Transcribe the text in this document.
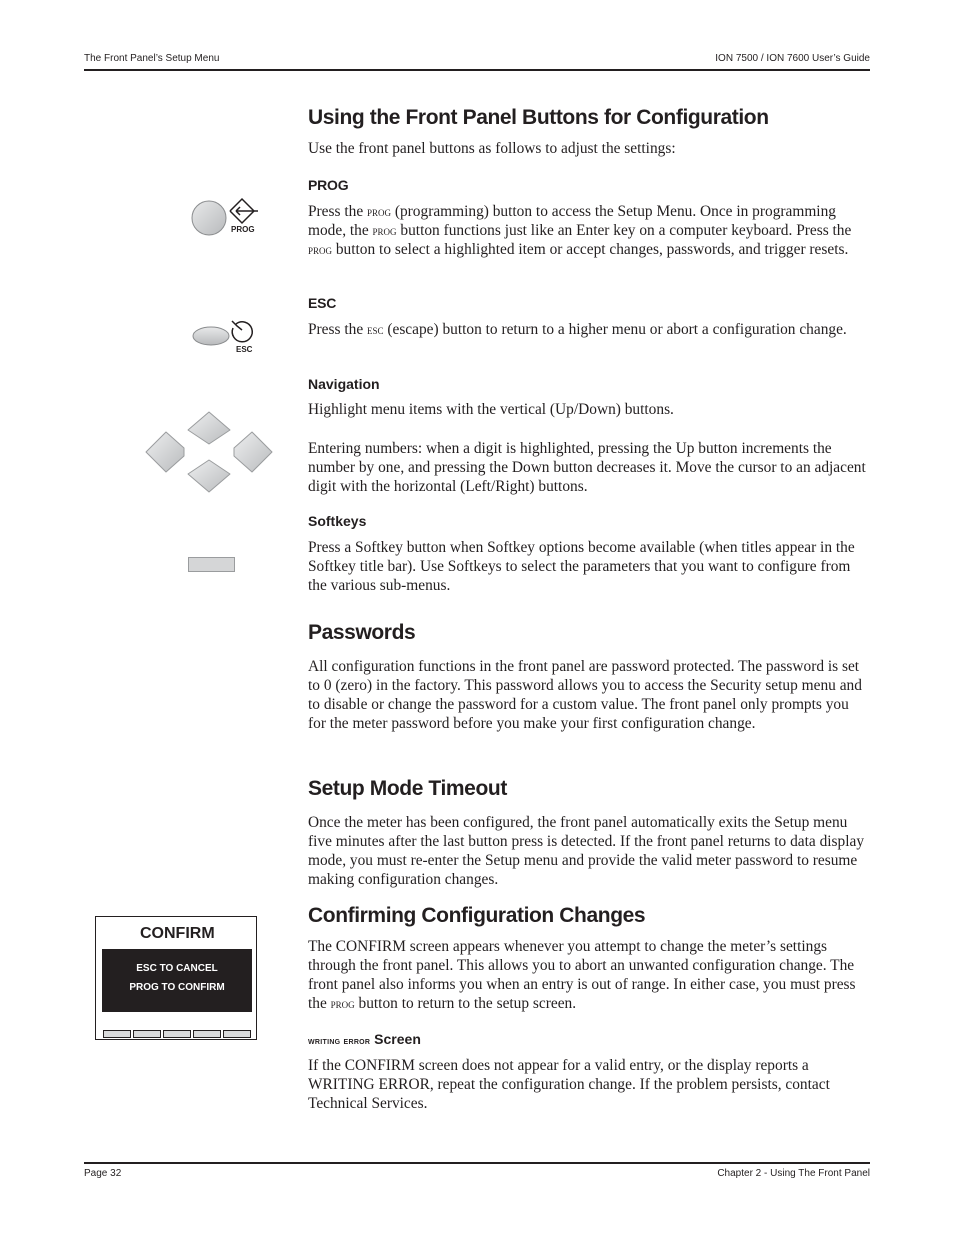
The Front Panel’s Setup Menu	ION 7500 / ION 7600 User’s Guide
Using the Front Panel Buttons for Configuration

Use the front panel buttons as follows to adjust the settings:

PROG
PROG

Press the prog (programming) button to access the Setup Menu. Once in programming mode, the prog button functions just like an Enter key on a computer keyboard. Press the prog button to select a highlighted item or accept changes, passwords, and trigger resets.

ESC
ESC

Press the esc (escape) button to return to a higher menu or abort a configuration change.

Navigation

Highlight menu items with the vertical (Up/Down) buttons.

Entering numbers: when a digit is highlighted, pressing the Up button increments the number by one, and pressing the Down button decreases it. Move the cursor to an adjacent digit with the horizontal (Left/Right) buttons.

Softkeys

Press a Softkey button when Softkey options become available (when titles appear in the Softkey title bar). Use Softkeys to select the parameters that you want to configure from the various sub-menus.

Passwords

All configuration functions in the front panel are password protected. The password is set to 0 (zero) in the factory. This password allows you to access the Security setup menu and to disable or change the password for a custom value. The front panel only prompts you for the meter password before you make your first configuration change.

Setup Mode Timeout

Once the meter has been configured, the front panel automatically exits the Setup menu five minutes after the last button press is detected. If the front panel returns to data display mode, you must re-enter the Setup menu and provide the valid meter password to resume making configuration changes.

Confirming Configuration Changes

The CONFIRM screen appears whenever you attempt to change the meter’s settings through the front panel. This allows you to abort an unwanted configuration change. The front panel also informs you when an entry is out of range. In either case, you must press the prog button to return to the setup screen.

CONFIRM
ESC TO CANCEL
PROG TO CONFIRM
writing error Screen

If the CONFIRM screen does not appear for a valid entry, or the display reports a WRITING ERROR, repeat the configuration change. If the problem persists, contact Technical Services.

Page 32	Chapter 2 - Using The Front Panel
